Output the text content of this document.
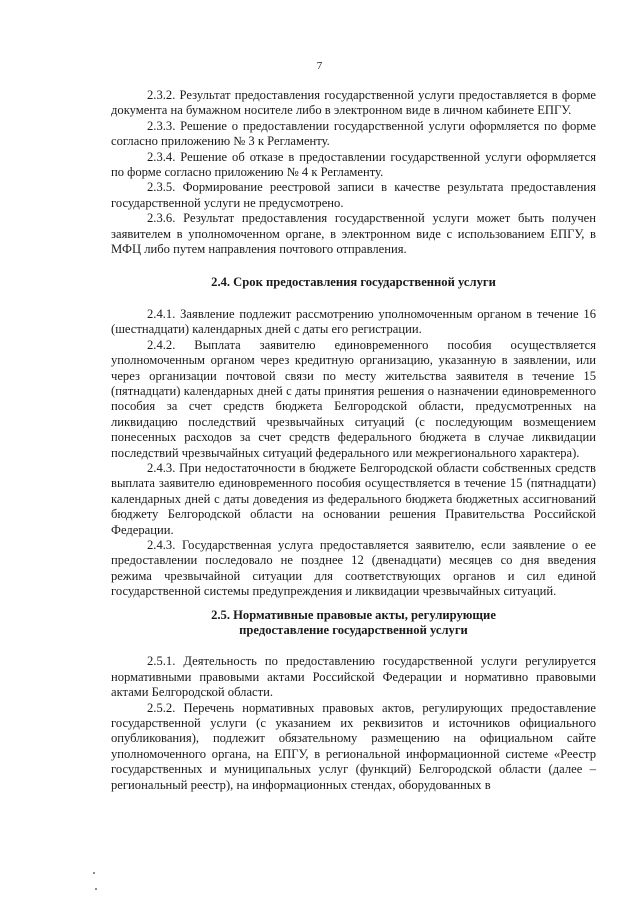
7

2.3.2. Результат предоставления государственной услуги предоставляется в форме документа на бумажном носителе либо в электронном виде в личном кабинете ЕПГУ.

2.3.3. Решение о предоставлении государственной услуги оформляется по форме согласно приложению № 3 к Регламенту.

2.3.4. Решение об отказе в предоставлении государственной услуги оформляется по форме согласно приложению № 4 к Регламенту.

2.3.5. Формирование реестровой записи в качестве результата предоставления государственной услуги не предусмотрено.

2.3.6. Результат предоставления государственной услуги может быть получен заявителем в уполномоченном органе, в электронном виде с использованием ЕПГУ, в МФЦ либо путем направления почтового отправления.

2.4. Срок предоставления государственной услуги

2.4.1. Заявление подлежит рассмотрению уполномоченным органом в течение 16 (шестнадцати) календарных дней с даты его регистрации.

2.4.2. Выплата заявителю единовременного пособия осуществляется уполномоченным органом через кредитную организацию, указанную в заявлении, или через организации почтовой связи по месту жительства заявителя в течение 15 (пятнадцати) календарных дней с даты принятия решения о назначении единовременного пособия за счет средств бюджета Белгородской области, предусмотренных на ликвидацию последствий чрезвычайных ситуаций (с последующим возмещением понесенных расходов за счет средств федерального бюджета в случае ликвидации последствий чрезвычайных ситуаций федерального или межрегионального характера).

2.4.3. При недостаточности в бюджете Белгородской области собственных средств выплата заявителю единовременного пособия осуществляется в течение 15 (пятнадцати) календарных дней с даты доведения из федерального бюджета бюджетных ассигнований бюджету Белгородской области на основании решения Правительства Российской Федерации.

2.4.3. Государственная услуга предоставляется заявителю, если заявление о ее предоставлении последовало не позднее 12 (двенадцати) месяцев со дня введения режима чрезвычайной ситуации для соответствующих органов и сил единой государственной системы предупреждения и ликвидации чрезвычайных ситуаций.

2.5. Нормативные правовые акты, регулирующие
предоставление государственной услуги

2.5.1. Деятельность по предоставлению государственной услуги регулируется нормативными правовыми актами Российской Федерации и нормативно правовыми актами Белгородской области.

2.5.2. Перечень нормативных правовых актов, регулирующих предоставление государственной услуги (с указанием их реквизитов и источников официального опубликования), подлежит обязательному размещению на официальном сайте уполномоченного органа, на ЕПГУ, в региональной информационной системе «Реестр государственных и муниципальных услуг (функций) Белгородской области (далее – региональный реестр), на информационных стендах, оборудованных в
